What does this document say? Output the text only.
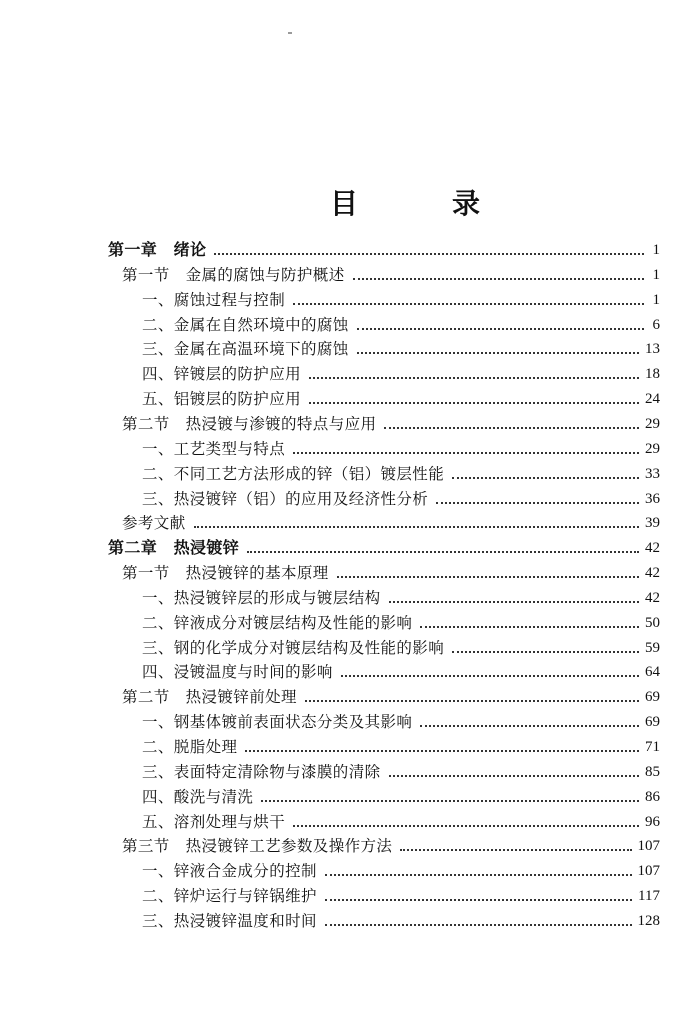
目	录
第一章　绪论	1
第一节　金属的腐蚀与防护概述	1
一、腐蚀过程与控制	1
二、金属在自然环境中的腐蚀	6
三、金属在高温环境下的腐蚀	13
四、锌镀层的防护应用	18
五、铝镀层的防护应用	24
第二节　热浸镀与渗镀的特点与应用	29
一、工艺类型与特点	29
二、不同工艺方法形成的锌（铝）镀层性能	33
三、热浸镀锌（铝）的应用及经济性分析	36
参考文献	39
第二章　热浸镀锌	42
第一节　热浸镀锌的基本原理	42
一、热浸镀锌层的形成与镀层结构	42
二、锌液成分对镀层结构及性能的影响	50
三、钢的化学成分对镀层结构及性能的影响	59
四、浸镀温度与时间的影响	64
第二节　热浸镀锌前处理	69
一、钢基体镀前表面状态分类及其影响	69
二、脱脂处理	71
三、表面特定清除物与漆膜的清除	85
四、酸洗与清洗	86
五、溶剂处理与烘干	96
第三节　热浸镀锌工艺参数及操作方法	107
一、锌液合金成分的控制	107
二、锌炉运行与锌锅维护	117
三、热浸镀锌温度和时间	128
